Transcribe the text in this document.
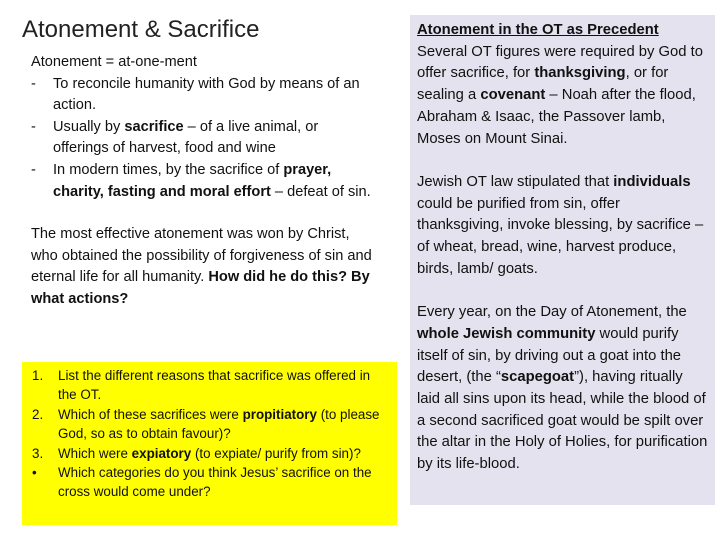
Atonement & Sacrifice
Atonement = at-one-ment
- To reconcile humanity with God by means of an action.
- Usually by sacrifice – of a live animal, or offerings of harvest, food and wine
- In modern times, by the sacrifice of prayer, charity, fasting and moral effort – defeat of sin.
The most effective atonement was won by Christ, who obtained the possibility of forgiveness of sin and eternal life for all humanity. How did he do this? By what actions?
1. List the different reasons that sacrifice was offered in the OT.
2. Which of these sacrifices were propitiatory (to please God, so as to obtain favour)?
3. Which were expiatory (to expiate/ purify from sin)?
• Which categories do you think Jesus’ sacrifice on the cross would come under?
Atonement in the OT as Precedent

Several OT figures were required by God to offer sacrifice, for thanksgiving, or for sealing a covenant – Noah after the flood, Abraham & Isaac, the Passover lamb, Moses on Mount Sinai.

Jewish OT law stipulated that individuals could be purified from sin, offer thanksgiving, invoke blessing, by sacrifice – of wheat, bread, wine, harvest produce, birds, lamb/ goats.

Every year, on the Day of Atonement, the whole Jewish community would purify itself of sin, by driving out a goat into the desert, (the “scapegoat”), having ritually laid all sins upon its head, while the blood of a second sacrificed goat would be spilt over the altar in the Holy of Holies, for purification by its life-blood.
